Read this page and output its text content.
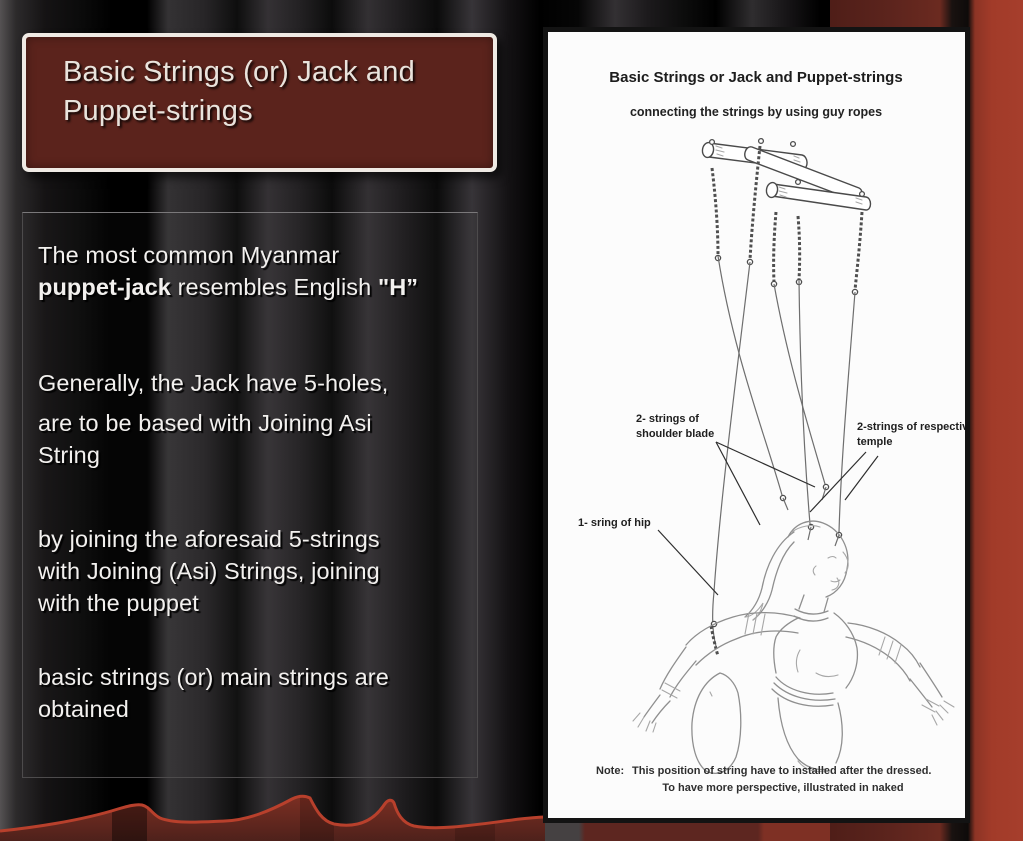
Basic Strings (or) Jack and
Puppet-strings

The most common Myanmar
puppet-jack resembles English "H”

Generally, the Jack have 5-holes,

are to be based with Joining Asi
String

by joining the aforesaid 5-strings
with Joining (Asi) Strings, joining
with the puppet

basic strings (or) main strings are
obtained

Basic Strings or Jack and Puppet-strings
connecting the strings by using guy ropes
2- strings of
shoulder blade
2-strings of respective
temple
1- sring of hip
Note: This position of string have to installed after the dressed.
To have more perspective, illustrated in naked
